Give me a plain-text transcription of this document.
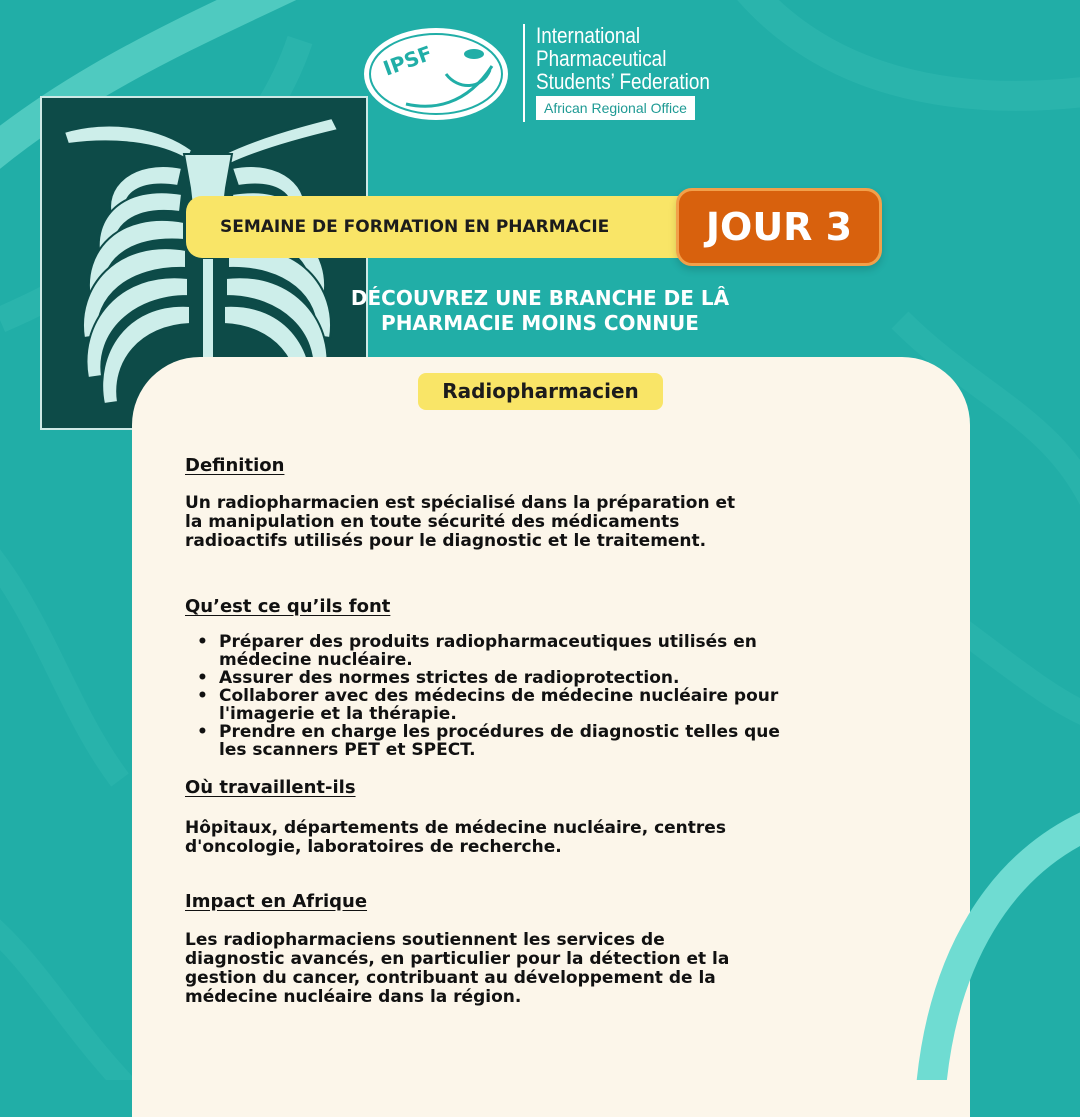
IPSF
International
Pharmaceutical
Students’ Federation
African Regional Office
SEMAINE DE FORMATION EN PHARMACIE	JOUR 3
DÉCOUVREZ UNE BRANCHE DE LÂ
PHARMACIE MOINS CONNUE
Radiopharmacien
Definition
Un radiopharmacien est spécialisé dans la préparation et
la manipulation en toute sécurité des médicaments
radioactifs utilisés pour le diagnostic et le traitement.
Qu’est ce qu’ils font
• Préparer des produits radiopharmaceutiques utilisés en
médecine nucléaire.
• Assurer des normes strictes de radioprotection.
• Collaborer avec des médecins de médecine nucléaire pour
l'imagerie et la thérapie.
• Prendre en charge les procédures de diagnostic telles que
les scanners PET et SPECT.
Où travaillent-ils
Hôpitaux, départements de médecine nucléaire, centres
d'oncologie, laboratoires de recherche.
Impact en Afrique
Les radiopharmaciens soutiennent les services de
diagnostic avancés, en particulier pour la détection et la
gestion du cancer, contribuant au développement de la
médecine nucléaire dans la région.
